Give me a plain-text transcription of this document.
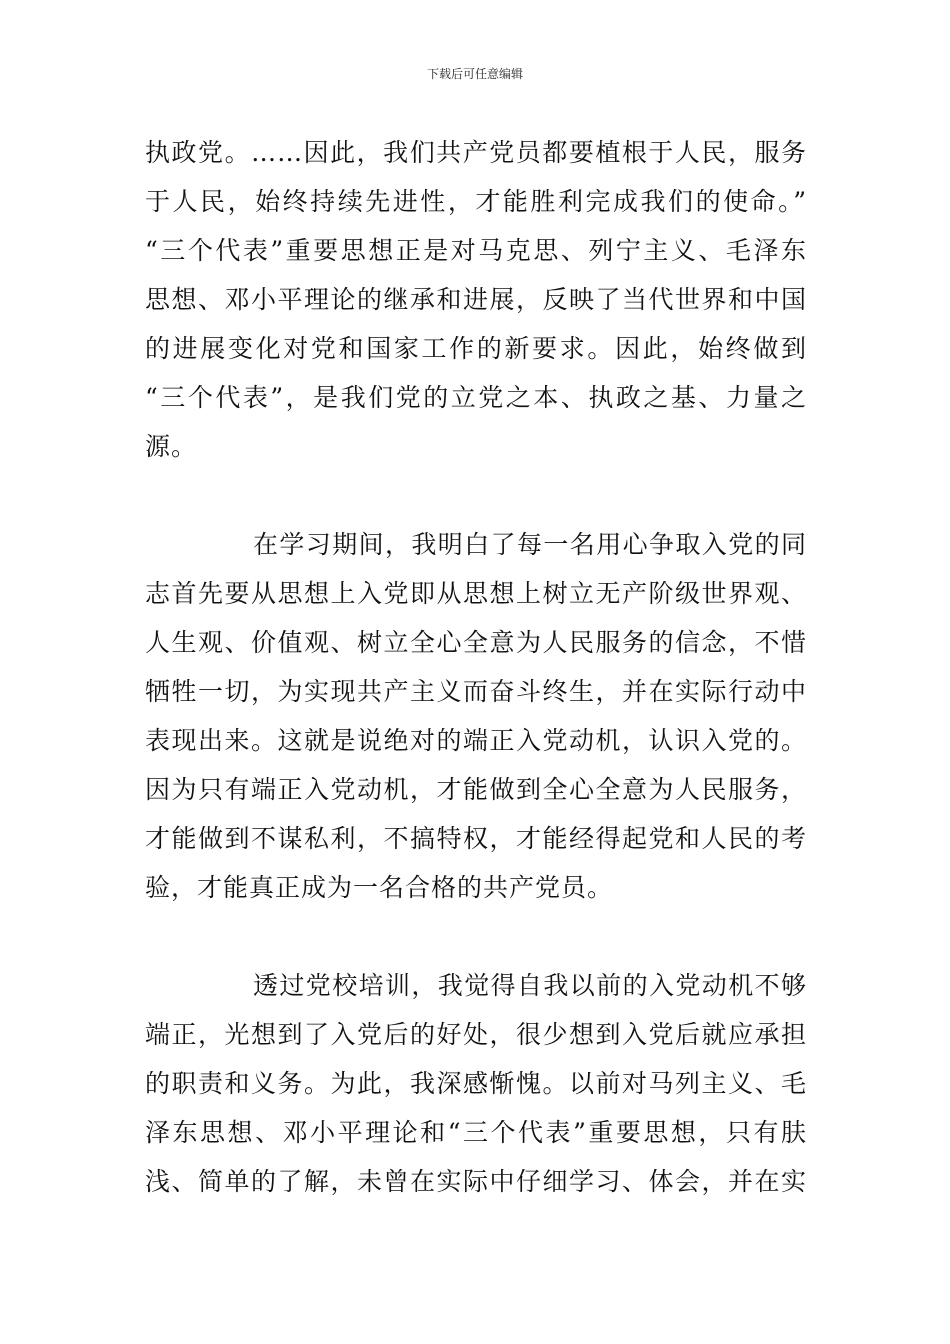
下载后可任意编辑
执政党。……因此，我们共产党员都要植根于人民，服务
于人民，始终持续先进性，才能胜利完成我们的使命。”
“三个代表”重要思想正是对马克思、列宁主义、毛泽东
思想、邓小平理论的继承和进展，反映了当代世界和中国
的进展变化对党和国家工作的新要求。因此，始终做到
“三个代表”，是我们党的立党之本、执政之基、力量之
源。
在学习期间，我明白了每一名用心争取入党的同
志首先要从思想上入党即从思想上树立无产阶级世界观、
人生观、价值观、树立全心全意为人民服务的信念，不惜
牺牲一切，为实现共产主义而奋斗终生，并在实际行动中
表现出来。这就是说绝对的端正入党动机，认识入党的。
因为只有端正入党动机，才能做到全心全意为人民服务，
才能做到不谋私利，不搞特权，才能经得起党和人民的考
验，才能真正成为一名合格的共产党员。
透过党校培训，我觉得自我以前的入党动机不够
端正，光想到了入党后的好处，很少想到入党后就应承担
的职责和义务。为此，我深感惭愧。以前对马列主义、毛
泽东思想、邓小平理论和“三个代表”重要思想，只有肤
浅、简单的了解，未曾在实际中仔细学习、体会，并在实
